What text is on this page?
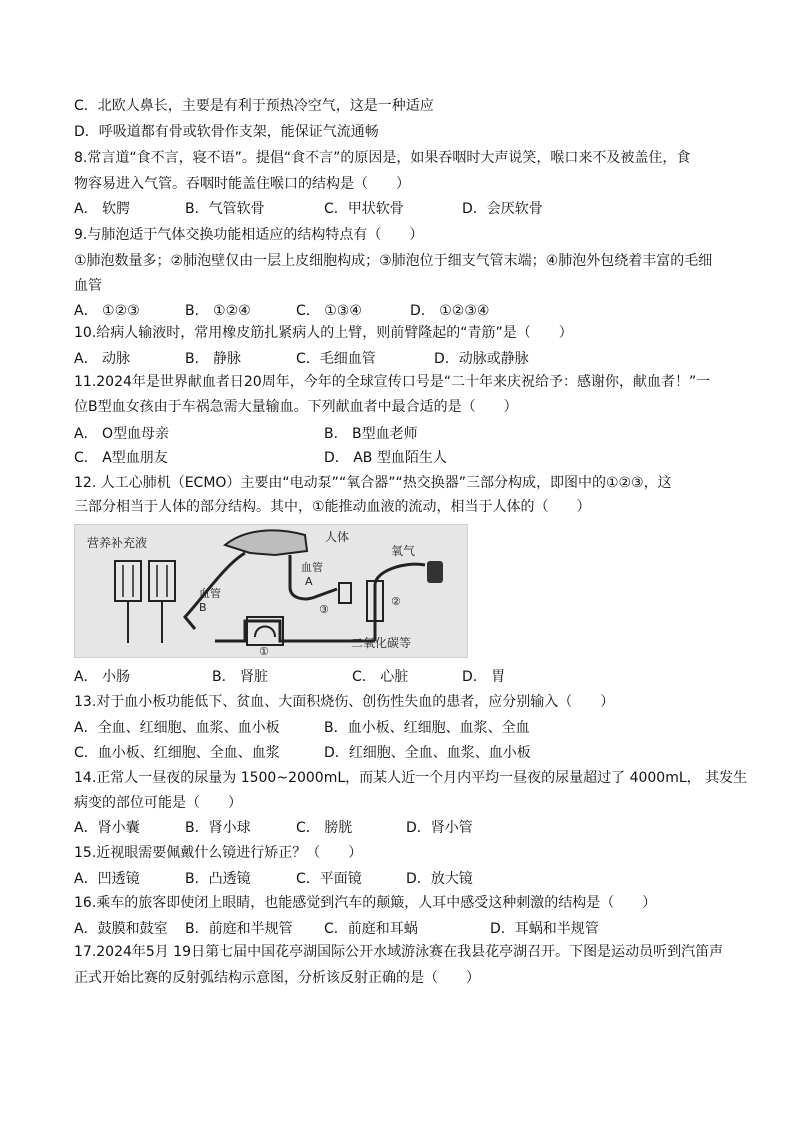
C．北欧人鼻长，主要是有利于预热冷空气，这是一种适应
D．呼吸道都有骨或软骨作支架，能保证气流通畅
8.常言道“食不言，寝不语”。提倡“食不言”的原因是，如果吞咽时大声说笑，喉口来不及被盖住，食
物容易进入气管。吞咽时能盖住喉口的结构是（　　）
A． 软腭	B．气管软骨	C．甲状软骨	D．会厌软骨
9.与肺泡适于气体交换功能相适应的结构特点有（　　）
①肺泡数量多；②肺泡壁仅由一层上皮细胞构成；③肺泡位于细支气管末端；④肺泡外包绕着丰富的毛细
血管
A． ①②③	B． ①②④	C． ①③④	D． ①②③④
10.给病人输液时，常用橡皮筋扎紧病人的上臂，则前臂隆起的“青筋”是（　　）
A． 动脉	B． 静脉	C．毛细血管	D．动脉或静脉
11.2024年是世界献血者日20周年，今年的全球宣传口号是“二十年来庆祝给予：感谢你，献血者！”一
位B型血女孩由于车祸急需大量输血。下列献血者中最合适的是（　　）
A． O型血母亲	B． B型血老师
C． A型血朋友	D． AB 型血陌生人
12. 人工心肺机（ECMO）主要由“电动泵”“氧合器”“热交换器”三部分构成，即图中的①②③，这
三部分相当于人体的部分结构。其中，①能推动血液的流动，相当于人体的（　　）
营养补充液	人体
①
③
②
氧气
血管
A
血管
B
二氧化碳等
A． 小肠	B． 肾脏	C． 心脏	D． 胃
13.对于血小板功能低下、贫血、大面积烧伤、创伤性失血的患者，应分别输入（　　）
A．全血、红细胞、血浆、血小板	B．血小板、红细胞、血浆、全血
C．血小板、红细胞、全血、血浆	D．红细胞、全血、血浆、血小板
14.正常人一昼夜的尿量为 1500~2000mL，而某人近一个月内平均一昼夜的尿量超过了 4000mL， 其发生
病变的部位可能是（　　）
A．肾小囊	B．肾小球	C． 膀胱	D．肾小管
15.近视眼需要佩戴什么镜进行矫正？（　　）
A．凹透镜	B．凸透镜	C．平面镜	D．放大镜
16.乘车的旅客即使闭上眼睛，也能感觉到汽车的颠簸，人耳中感受这种刺激的结构是（　　）
A．鼓膜和鼓室 B．前庭和半规管 C．前庭和耳蜗	D．耳蜗和半规管
17.2024年5月 19日第七届中国花亭湖国际公开水域游泳赛在我县花亭湖召开。下图是运动员听到汽笛声
正式开始比赛的反射弧结构示意图，分析该反射正确的是（　　）
